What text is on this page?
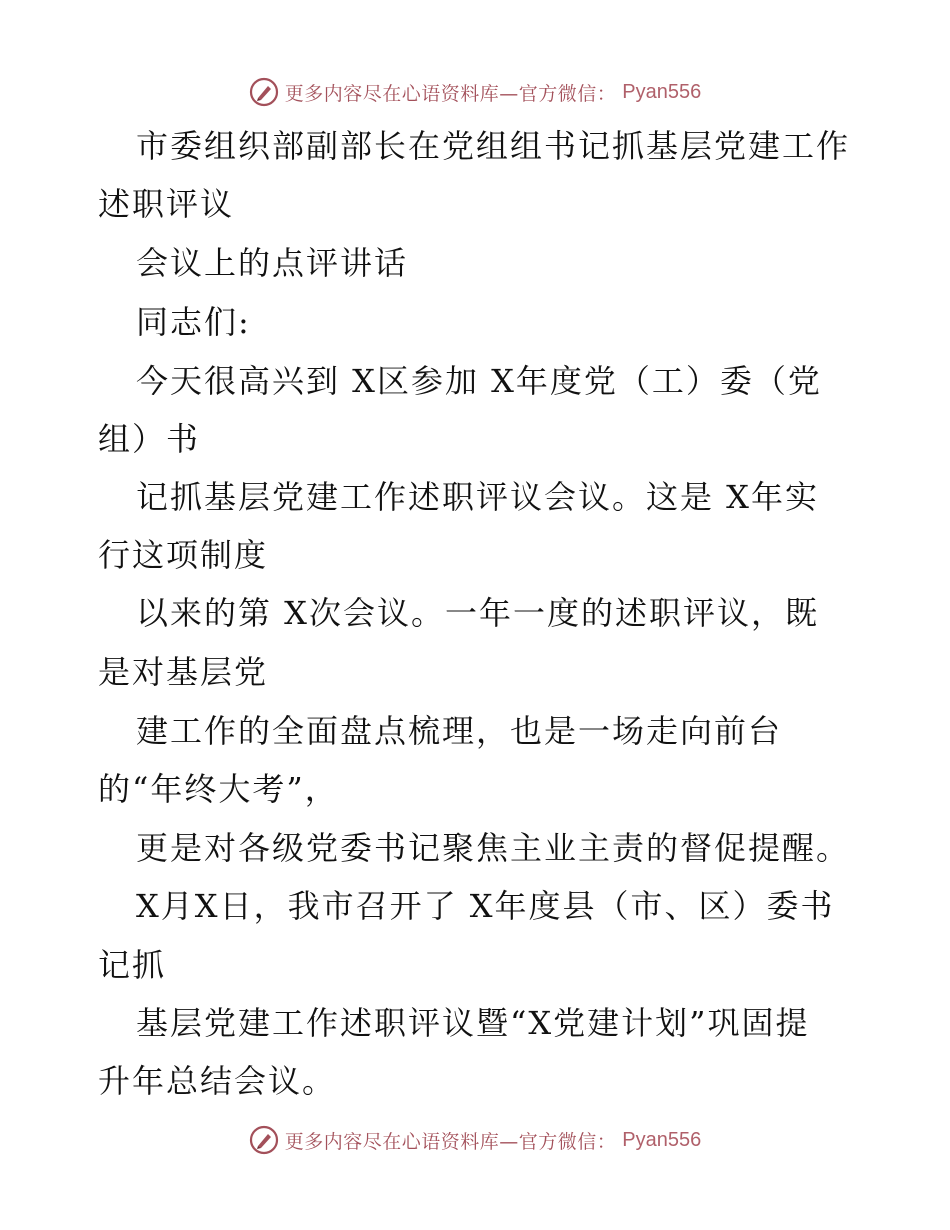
更多内容尽在心语资料库—官方微信： Pyan556
市委组织部副部长在党组组书记抓基层党建工作
述职评议
会议上的点评讲话
同志们:
今天很高兴到 X区参加 X年度党（工）委（党
组）书
记抓基层党建工作述职评议会议。这是 X年实
行这项制度
以来的第 X次会议。一年一度的述职评议，既
是对基层党
建工作的全面盘点梳理，也是一场走向前台
的“年终大考”，
更是对各级党委书记聚焦主业主责的督促提醒。
X月X日，我市召开了 X年度县（市、区）委书
记抓
基层党建工作述职评议暨“X党建计划”巩固提
升年总结会议。
更多内容尽在心语资料库—官方微信： Pyan556
